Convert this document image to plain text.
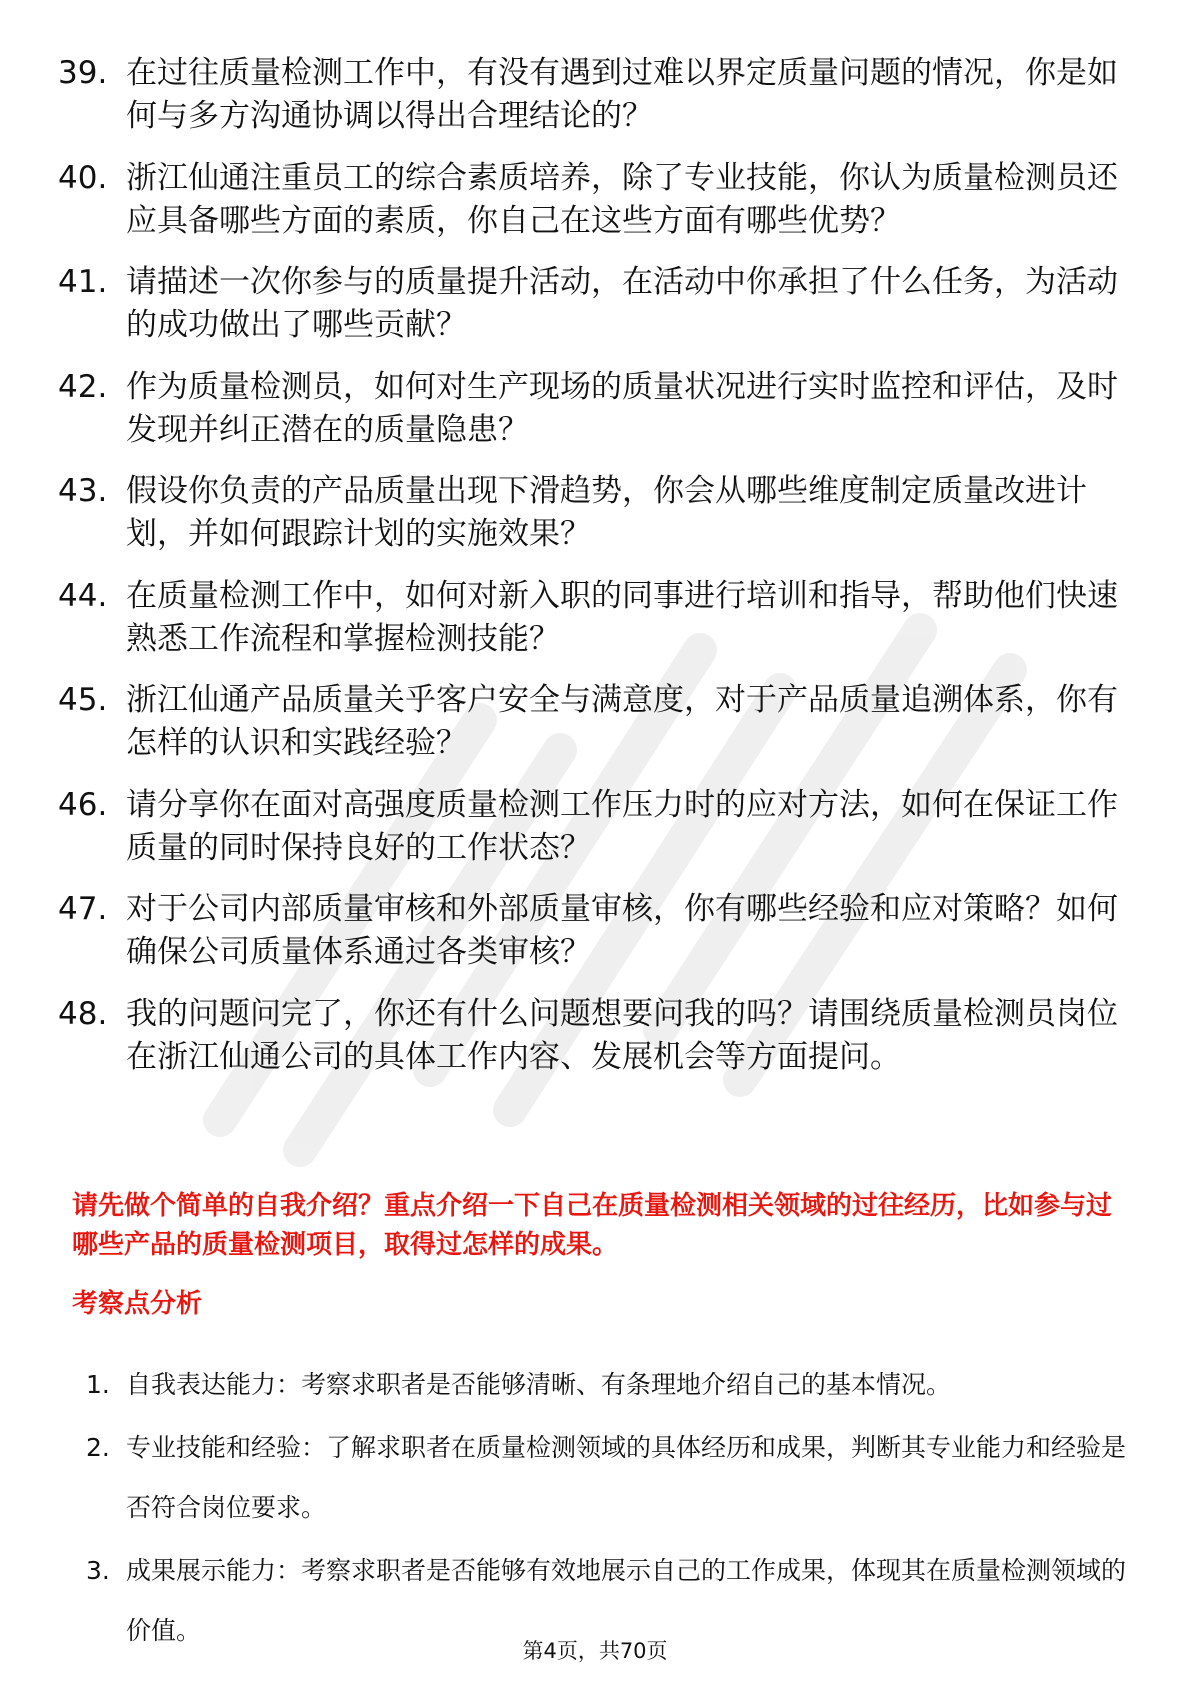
39. 在过往质量检测工作中，有没有遇到过难以界定质量问题的情况，你是如何与多方沟通协调以得出合理结论的？
40. 浙江仙通注重员工的综合素质培养，除了专业技能，你认为质量检测员还应具备哪些方面的素质，你自己在这些方面有哪些优势？
41. 请描述一次你参与的质量提升活动，在活动中你承担了什么任务，为活动的成功做出了哪些贡献？
42. 作为质量检测员，如何对生产现场的质量状况进行实时监控和评估，及时发现并纠正潜在的质量隐患？
43. 假设你负责的产品质量出现下滑趋势，你会从哪些维度制定质量改进计划，并如何跟踪计划的实施效果？
44. 在质量检测工作中，如何对新入职的同事进行培训和指导，帮助他们快速熟悉工作流程和掌握检测技能？
45. 浙江仙通产品质量关乎客户安全与满意度，对于产品质量追溯体系，你有怎样的认识和实践经验？
46. 请分享你在面对高强度质量检测工作压力时的应对方法，如何在保证工作质量的同时保持良好的工作状态？
47. 对于公司内部质量审核和外部质量审核，你有哪些经验和应对策略？如何确保公司质量体系通过各类审核？
48. 我的问题问完了，你还有什么问题想要问我的吗？请围绕质量检测员岗位在浙江仙通公司的具体工作内容、发展机会等方面提问。

请先做个简单的自我介绍？重点介绍一下自己在质量检测相关领域的过往经历，比如参与过哪些产品的质量检测项目，取得过怎样的成果。

考察点分析
1. 自我表达能力：考察求职者是否能够清晰、有条理地介绍自己的基本情况。
2. 专业技能和经验：了解求职者在质量检测领域的具体经历和成果，判断其专业能力和经验是否符合岗位要求。
3. 成果展示能力：考察求职者是否能够有效地展示自己的工作成果，体现其在质量检测领域的价值。
第4页，共70页
